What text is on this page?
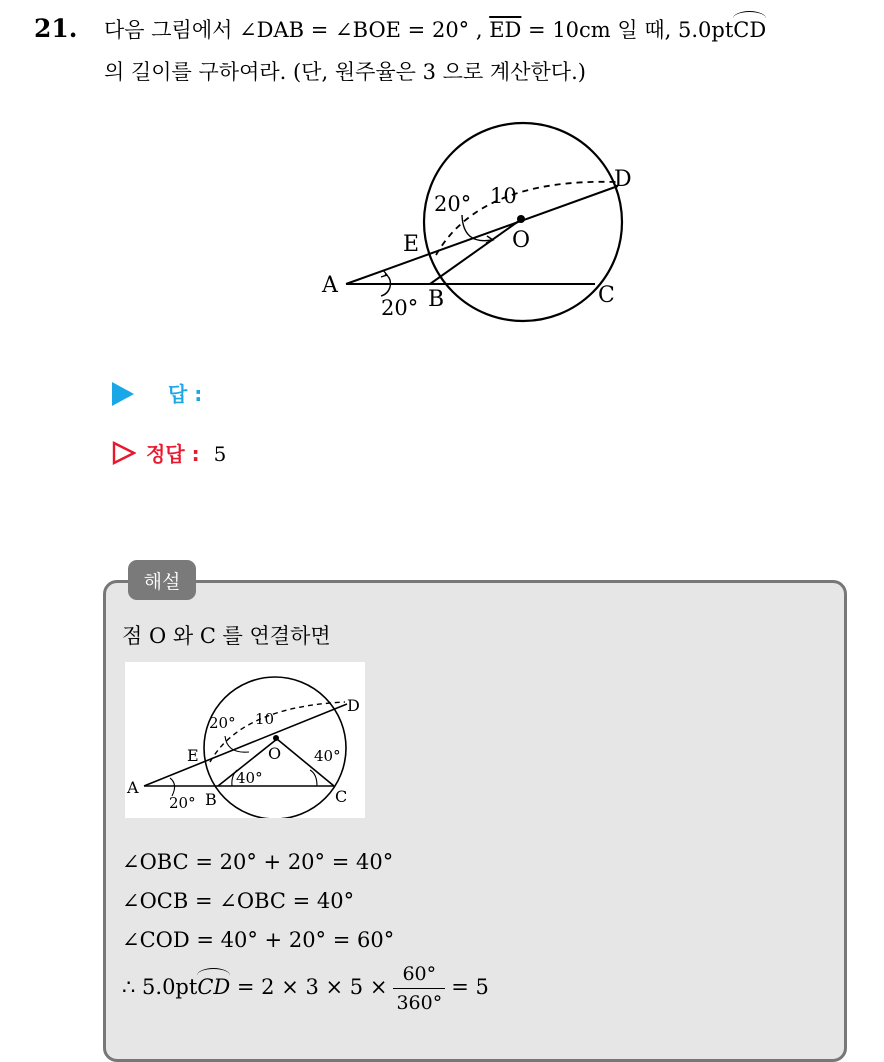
21. 다음 그림에서 ∠DAB = ∠BOE = 20° , $\overline{ED} = 10cm$ 일 때, 5.0ptCD
의 길이를 구하여라. (단, 원주율은 3 으로 계산한다.)
A
B	C
D
E	O
20° 10
20°
답 :
정답 : 5
해설
점 O 와 C 를 연결하면
A
B	C
D
E	O
20° 10
20°
40°
40°
∠OBC = 20° + 20° = 40°
∠OCB = ∠OBC = 40°
∠COD = 40° + 20° = 60°
∴ 5.0ptCD = $2 \times 3 \times 5 \times \frac{60^\circ}{360^\circ} = 5$
